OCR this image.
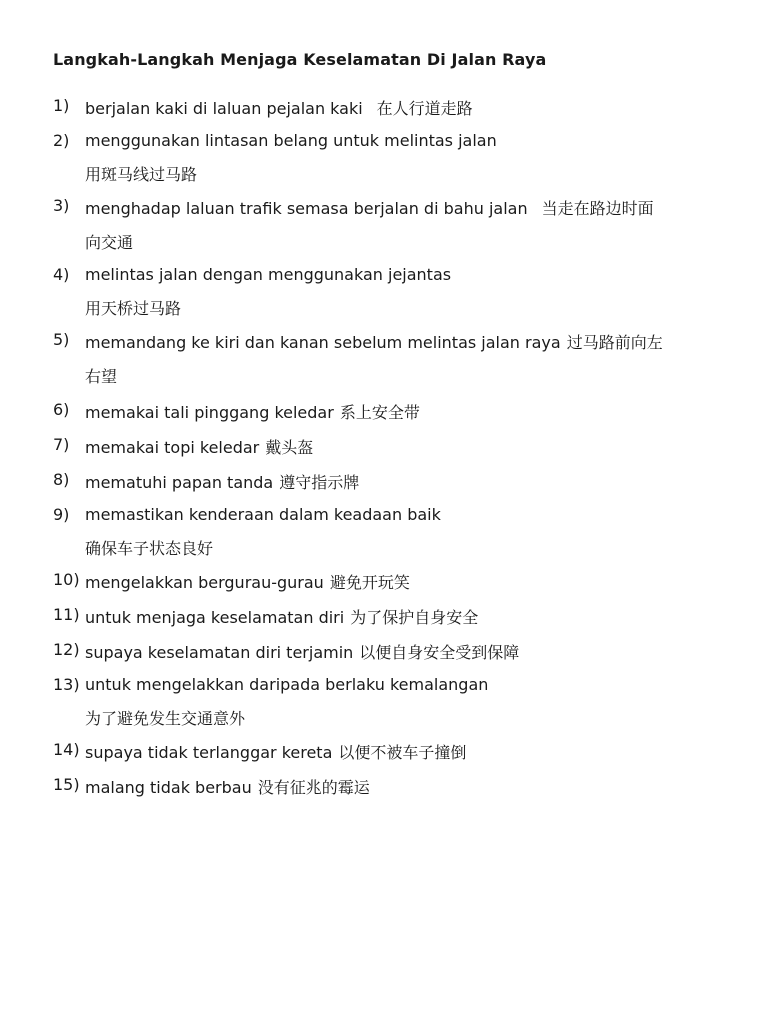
Langkah-Langkah Menjaga Keselamatan Di Jalan Raya
1) berjalan kaki di laluan pejalan kaki 在人行道走路
2) menggunakan lintasan belang untuk melintas jalan
用斑马线过马路
3) menghadap laluan trafik semasa berjalan di bahu jalan 当走在路边时面
向交通
4) melintas jalan dengan menggunakan jejantas
用天桥过马路
5) memandang ke kiri dan kanan sebelum melintas jalan raya 过马路前向左
右望
6) memakai tali pinggang keledar 系上安全带
7) memakai topi keledar 戴头盔
8) mematuhi papan tanda 遵守指示牌
9) memastikan kenderaan dalam keadaan baik
确保车子状态良好
10) mengelakkan bergurau-gurau 避免开玩笑
11) untuk menjaga keselamatan diri 为了保护自身安全
12) supaya keselamatan diri terjamin 以便自身安全受到保障
13) untuk mengelakkan daripada berlaku kemalangan
为了避免发生交通意外
14) supaya tidak terlanggar kereta 以便不被车子撞倒
15) malang tidak berbau 没有征兆的霉运
